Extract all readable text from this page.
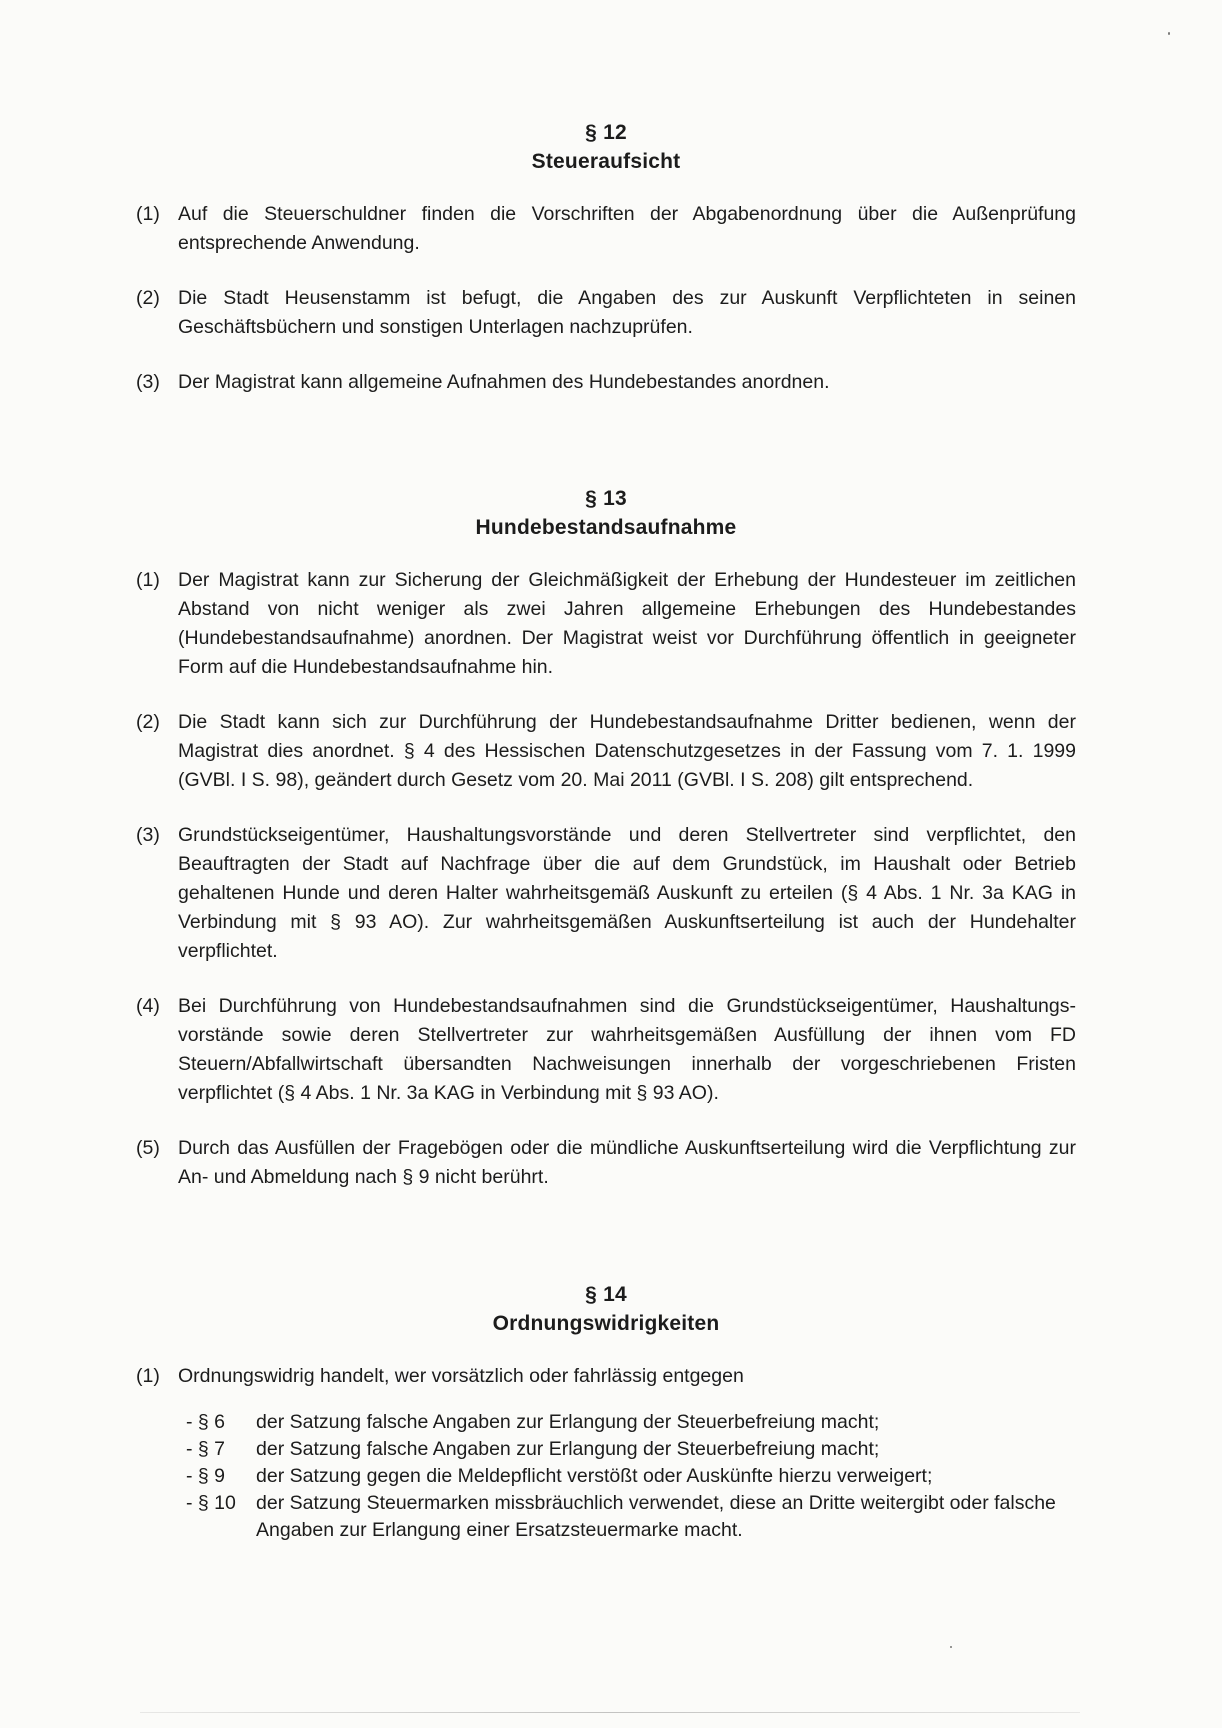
§ 12
Steueraufsicht
(1) Auf die Steuerschuldner finden die Vorschriften der Abgabenordnung über die Außenprüfung entsprechende Anwendung.
(2) Die Stadt Heusenstamm ist befugt, die Angaben des zur Auskunft Verpflichteten in seinen Geschäftsbüchern und sonstigen Unterlagen nachzuprüfen.
(3) Der Magistrat kann allgemeine Aufnahmen des Hundebestandes anordnen.
§ 13
Hundebestandsaufnahme
(1) Der Magistrat kann zur Sicherung der Gleichmäßigkeit der Erhebung der Hundesteuer im zeitlichen Abstand von nicht weniger als zwei Jahren allgemeine Erhebungen des Hundebestandes (Hundebestandsaufnahme) anordnen. Der Magistrat weist vor Durchführung öffentlich in geeigneter Form auf die Hundebestandsaufnahme hin.
(2) Die Stadt kann sich zur Durchführung der Hundebestandsaufnahme Dritter bedienen, wenn der Magistrat dies anordnet. § 4 des Hessischen Datenschutzgesetzes in der Fassung vom 7. 1. 1999 (GVBl. I S. 98), geändert durch Gesetz vom 20. Mai 2011 (GVBl. I S. 208) gilt entsprechend.
(3) Grundstückseigentümer, Haushaltungsvorstände und deren Stellvertreter sind verpflichtet, den Beauftragten der Stadt auf Nachfrage über die auf dem Grundstück, im Haushalt oder Betrieb gehaltenen Hunde und deren Halter wahrheitsgemäß Auskunft zu erteilen (§ 4 Abs. 1 Nr. 3a KAG in Verbindung mit § 93 AO). Zur wahrheitsgemäßen Auskunftserteilung ist auch der Hundehalter verpflichtet.
(4) Bei Durchführung von Hundebestandsaufnahmen sind die Grundstückseigentümer, Haushaltungs-vorstände sowie deren Stellvertreter zur wahrheitsgemäßen Ausfüllung der ihnen vom FD Steuern/Abfallwirtschaft übersandten Nachweisungen innerhalb der vorgeschriebenen Fristen verpflichtet (§ 4 Abs. 1 Nr. 3a KAG in Verbindung mit § 93 AO).
(5) Durch das Ausfüllen der Fragebögen oder die mündliche Auskunftserteilung wird die Verpflichtung zur An- und Abmeldung nach § 9 nicht berührt.
§ 14
Ordnungswidrigkeiten
(1) Ordnungswidrig handelt, wer vorsätzlich oder fahrlässig entgegen
- § 6 der Satzung falsche Angaben zur Erlangung der Steuerbefreiung macht;
- § 7 der Satzung falsche Angaben zur Erlangung der Steuerbefreiung macht;
- § 9 der Satzung gegen die Meldepflicht verstößt oder Auskünfte hierzu verweigert;
- § 10 der Satzung Steuermarken missbräuchlich verwendet, diese an Dritte weitergibt oder falsche Angaben zur Erlangung einer Ersatzsteuermarke macht.
